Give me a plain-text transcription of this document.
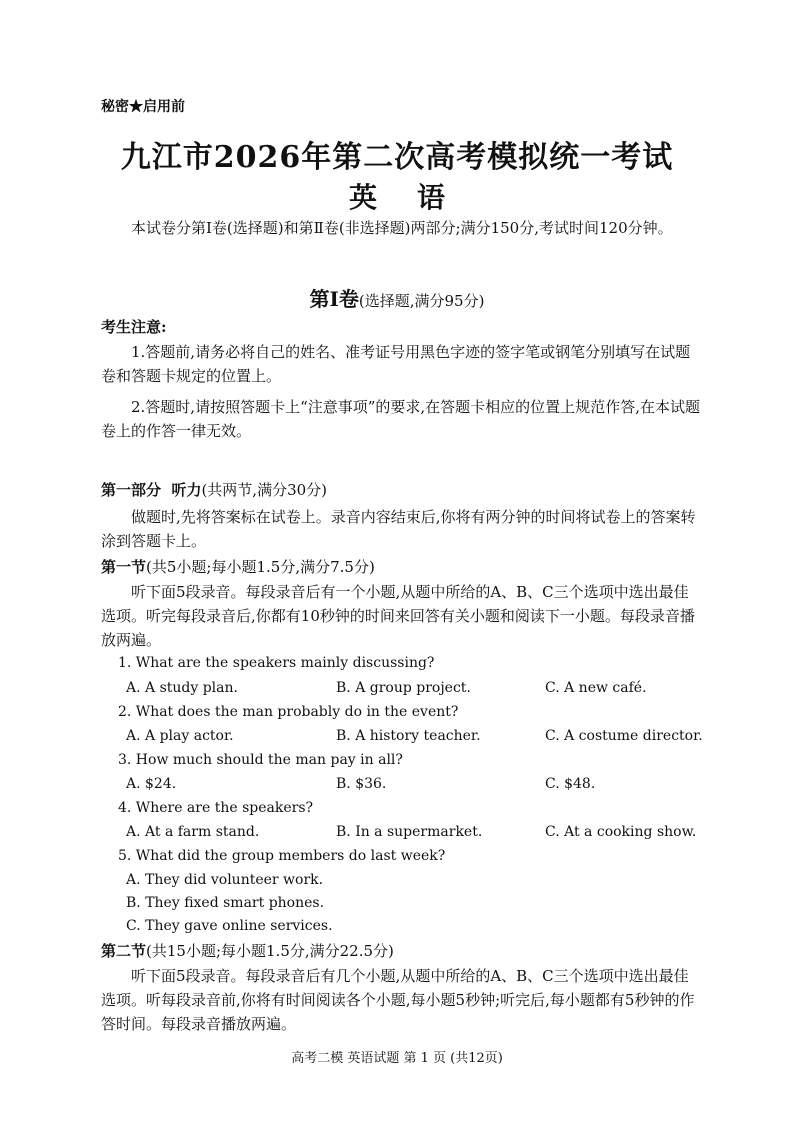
秘密★启用前
九江市2026年第二次高考模拟统一考试
英语
本试卷分第Ⅰ卷(选择题)和第Ⅱ卷(非选择题)两部分;满分150分,考试时间120分钟。
第Ⅰ卷(选择题,满分95分)
考生注意:
1.答题前,请务必将自己的姓名、准考证号用黑色字迹的签字笔或钢笔分别填写在试题卷和答题卡规定的位置上。
2.答题时,请按照答题卡上“注意事项”的要求,在答题卡相应的位置上规范作答,在本试题卷上的作答一律无效。
第一部分  听力(共两节,满分30分)
做题时,先将答案标在试卷上。录音内容结束后,你将有两分钟的时间将试卷上的答案转涂到答题卡上。
第一节(共5小题;每小题1.5分,满分7.5分)
听下面5段录音。每段录音后有一个小题,从题中所给的A、B、C三个选项中选出最佳选项。听完每段录音后,你都有10秒钟的时间来回答有关小题和阅读下一小题。每段录音播放两遍。
1. What are the speakers mainly discussing?
A. A study plan.	B. A group project.	C. A new café.
2. What does the man probably do in the event?
A. A play actor.	B. A history teacher.	C. A costume director.
3. How much should the man pay in all?
A. $24.	B. $36.	C. $48.
4. Where are the speakers?
A. At a farm stand.	B. In a supermarket.	C. At a cooking show.
5. What did the group members do last week?
A. They did volunteer work.
B. They fixed smart phones.
C. They gave online services.
第二节(共15小题;每小题1.5分,满分22.5分)
听下面5段录音。每段录音后有几个小题,从题中所给的A、B、C三个选项中选出最佳选项。听每段录音前,你将有时间阅读各个小题,每小题5秒钟;听完后,每小题都有5秒钟的作答时间。每段录音播放两遍。
高考二模 英语试题 第 1 页 (共12页)
